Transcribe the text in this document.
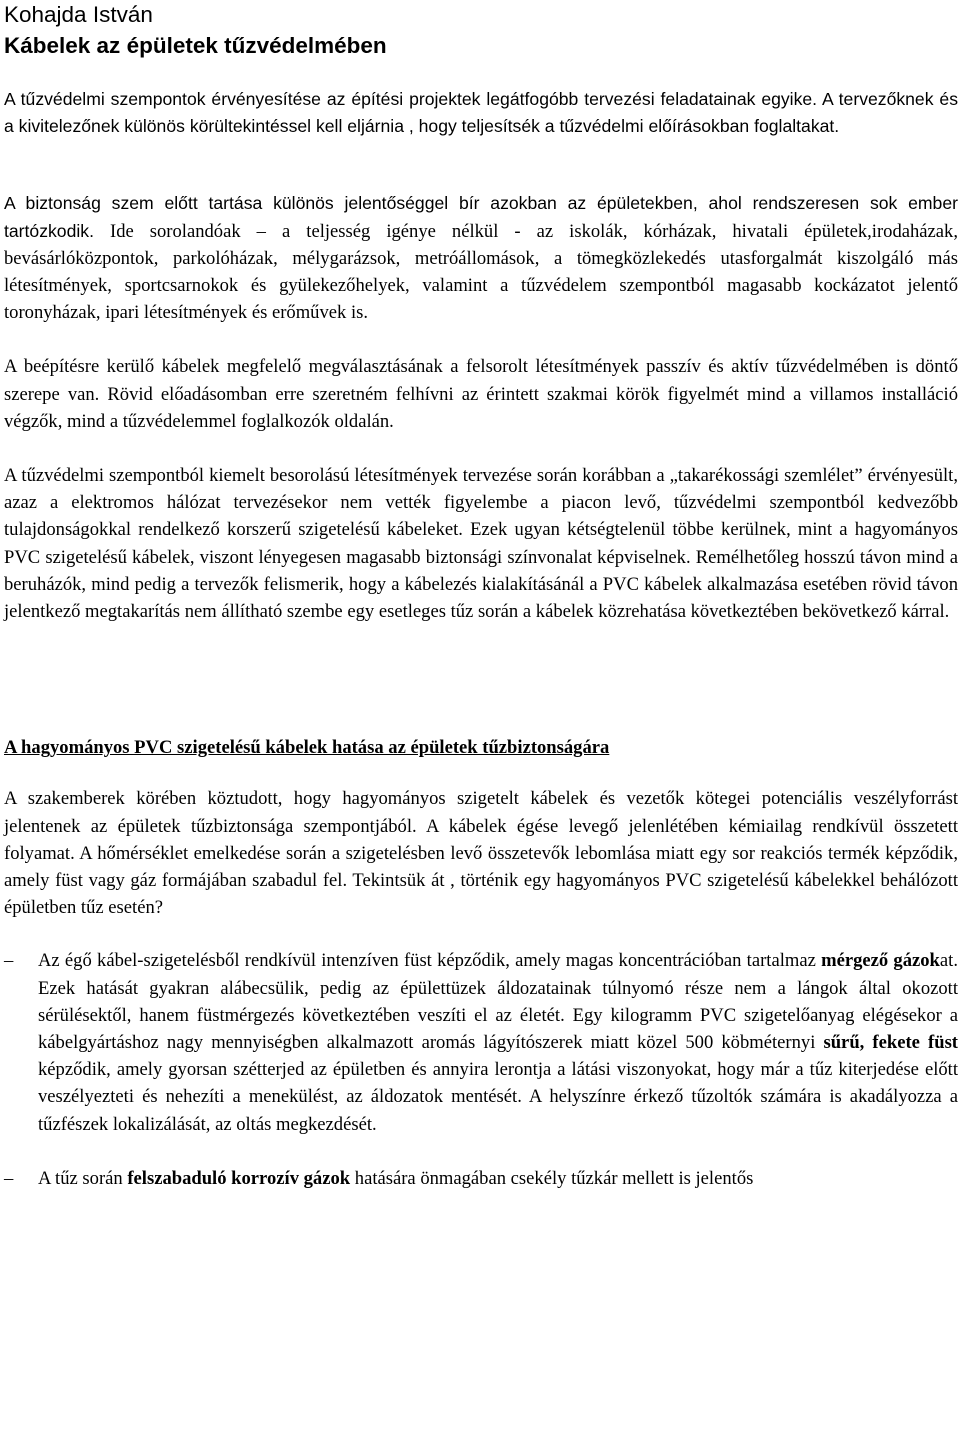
Kohajda István
Kábelek az épületek tűzvédelmében

A tűzvédelmi szempontok érvényesítése az építési projektek legátfogóbb tervezési feladatainak egyike. A tervezőknek és a kivitelezőnek különös körültekintéssel kell eljárnia , hogy teljesítsék a tűzvédelmi előírásokban foglaltakat.

A biztonság szem előtt tartása különös jelentőséggel bír azokban az épületekben, ahol rendszeresen sok ember tartózkodik. Ide sorolandóak – a teljesség igénye nélkül - az iskolák, kórházak, hivatali épületek,irodaházak, bevásárlóközpontok, parkolóházak, mélygarázsok, metróállomások, a tömegközlekedés utasforgalmát kiszolgáló más létesítmények, sportcsarnokok és gyülekezőhelyek, valamint a tűzvédelem szempontból magasabb kockázatot jelentő toronyházak, ipari létesítmények és erőművek is.

A beépítésre kerülő kábelek megfelelő megválasztásának a felsorolt létesítmények passzív és aktív tűzvédelmében is döntő szerepe van. Rövid előadásomban erre szeretném felhívni az érintett szakmai körök figyelmét mind a villamos installáció végzők, mind a tűzvédelemmel foglalkozók oldalán.

A tűzvédelmi szempontból kiemelt besorolású létesítmények tervezése során korábban a „takarékossági szemlélet” érvényesült, azaz a elektromos hálózat tervezésekor nem vették figyelembe a piacon levő, tűzvédelmi szempontból kedvezőbb tulajdonságokkal rendelkező korszerű szigetelésű kábeleket. Ezek ugyan kétségtelenül többe kerülnek, mint a hagyományos PVC szigetelésű kábelek, viszont lényegesen magasabb biztonsági színvonalat képviselnek. Remélhetőleg hosszú távon mind a beruházók, mind pedig a tervezők felismerik, hogy a kábelezés kialakításánál a PVC kábelek alkalmazása esetében rövid távon jelentkező megtakarítás nem állítható szembe egy esetleges tűz során a kábelek közrehatása következtében bekövetkező kárral.

A hagyományos PVC szigetelésű kábelek hatása az épületek tűzbiztonságára

A szakemberek körében köztudott, hogy hagyományos szigetelt kábelek és vezetők kötegei potenciális veszélyforrást jelentenek az épületek tűzbiztonsága szempontjából. A kábelek égése levegő jelenlétében kémiailag rendkívül összetett folyamat. A hőmérséklet emelkedése során a szigetelésben levő összetevők lebomlása miatt egy sor reakciós termék képződik, amely füst vagy gáz formájában szabadul fel. Tekintsük át , történik egy hagyományos PVC szigetelésű kábelekkel behálózott épületben tűz esetén?

– Az égő kábel-szigetelésből rendkívül intenzíven füst képződik, amely magas koncentrációban tartalmaz mérgező gázokat. Ezek hatását gyakran alábecsülik, pedig az épülettüzek áldozatainak túlnyomó része nem a lángok által okozott sérülésektől, hanem füstmérgezés következtében veszíti el az életét. Egy kilogramm PVC szigetelőanyag elégésekor a kábelgyártáshoz nagy mennyiségben alkalmazott aromás lágyítószerek miatt közel 500 köbméternyi sűrű, fekete füst képződik, amely gyorsan szétterjed az épületben és annyira lerontja a látási viszonyokat, hogy már a tűz kiterjedése előtt veszélyezteti és nehezíti a menekülést, az áldozatok mentését. A helyszínre érkező tűzoltók számára is akadályozza a tűzfészek lokalizálását, az oltás megkezdését.

– A tűz során felszabaduló korrozív gázok hatására önmagában csekély tűzkár mellett is jelentős
